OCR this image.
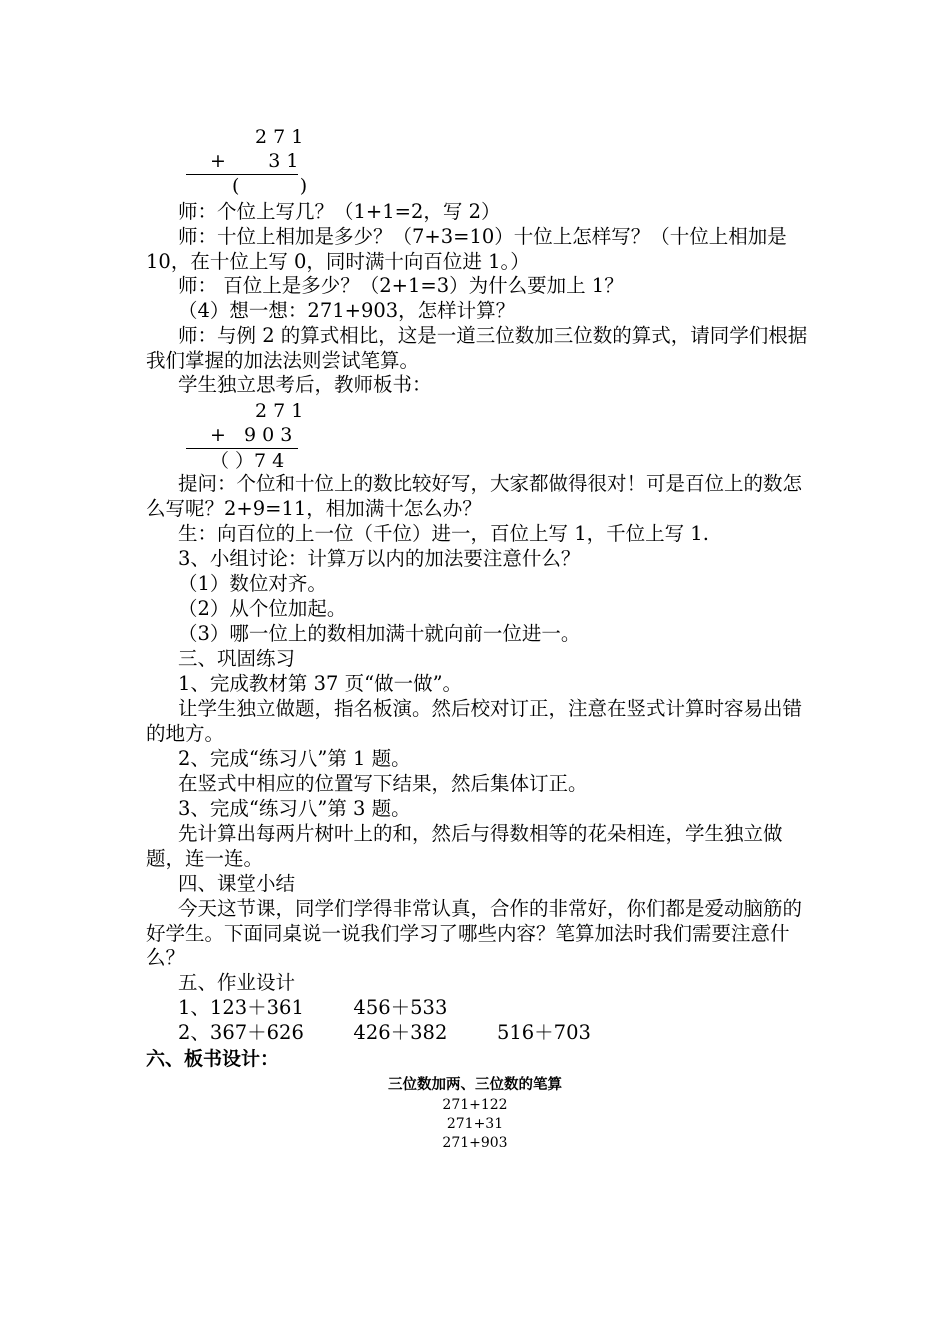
2 7 1
+       3 1
(          )

师：个位上写几？（1+1=2，写 2）

师：十位上相加是多少？（7+3=10）十位上怎样写？（十位上相加是 10，在十位上写 0，同时满十向百位进 1。）

师： 百位上是多少？（2+1=3）为什么要加上 1？

（4）想一想：271+903，怎样计算？

师：与例 2 的算式相比，这是一道三位数加三位数的算式，请同学们根据我们掌握的加法法则尝试笔算。

学生独立思考后，教师板书：

2 7 1
+   9 0 3
（ ）7 4

提问：个位和十位上的数比较好写，大家都做得很对！可是百位上的数怎么写呢？2+9=11，相加满十怎么办？

生：向百位的上一位（千位）进一，百位上写 1，千位上写 1.

3、小组讨论：计算万以内的加法要注意什么？

（1）数位对齐。

（2）从个位加起。

（3）哪一位上的数相加满十就向前一位进一。

三、巩固练习

1、完成教材第 37 页“做一做”。

让学生独立做题，指名板演。然后校对订正，注意在竖式计算时容易出错的地方。

2、完成“练习八”第 1 题。

在竖式中相应的位置写下结果，然后集体订正。

3、完成“练习八”第 3 题。

先计算出每两片树叶上的和，然后与得数相等的花朵相连，学生独立做题，连一连。

四、课堂小结

今天这节课，同学们学得非常认真，合作的非常好，你们都是爱动脑筋的好学生。下面同桌说一说我们学习了哪些内容？笔算加法时我们需要注意什么？

五、作业设计

1、123＋361        456＋533

2、367＋626        426＋382        516＋703

六、板书设计：

三位数加两、三位数的笔算
271+122
271+31
271+903
